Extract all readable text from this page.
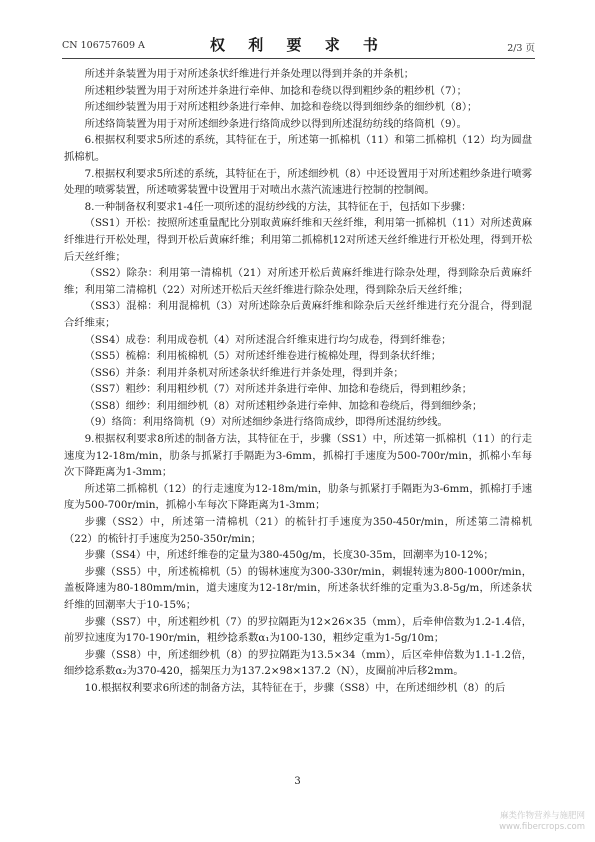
CN 106757609 A	权 利 要 求 书	2/3 页

所述并条装置为用于对所述条状纤维进行并条处理以得到并条的并条机；

所述粗纱装置为用于对所述并条进行牵伸、加捻和卷绕以得到粗纱条的粗纱机（7）；

所述细纱装置为用于对所述粗纱条进行牵伸、加捻和卷绕以得到细纱条的细纱机（8）；

所述络筒装置为用于对所述细纱条进行络筒成纱以得到所述混纺纺线的络筒机（9）。

6.根据权利要求5所述的系统，其特征在于，所述第一抓棉机（11）和第二抓棉机（12）均为圆盘抓棉机。

7.根据权利要求5所述的系统，其特征在于，所述细纱机（8）中还设置用于对所述粗纱条进行喷雾处理的喷雾装置，所述喷雾装置中设置用于对喷出水蒸汽流速进行控制的控制阀。

8.一种制备权利要求1-4任一项所述的混纺纱线的方法，其特征在于，包括如下步骤：

（SS1）开松：按照所述重量配比分别取黄麻纤维和天丝纤维，利用第一抓棉机（11）对所述黄麻纤维进行开松处理，得到开松后黄麻纤维；利用第二抓棉机12对所述天丝纤维进行开松处理，得到开松后天丝纤维；

（SS2）除杂：利用第一清棉机（21）对所述开松后黄麻纤维进行除杂处理，得到除杂后黄麻纤维；利用第二清棉机（22）对所述开松后天丝纤维进行除杂处理，得到除杂后天丝纤维；

（SS3）混棉：利用混棉机（3）对所述除杂后黄麻纤维和除杂后天丝纤维进行充分混合，得到混合纤维束；

（SS4）成卷：利用成卷机（4）对所述混合纤维束进行均匀成卷，得到纤维卷；

（SS5）梳棉：利用梳棉机（5）对所述纤维卷进行梳棉处理，得到条状纤维；

（SS6）并条：利用并条机对所述条状纤维进行并条处理，得到并条；

（SS7）粗纱：利用粗纱机（7）对所述并条进行牵伸、加捻和卷绕后，得到粗纱条；

（SS8）细纱：利用细纱机（8）对所述粗纱条进行牵伸、加捻和卷绕后，得到细纱条；

（9）络筒：利用络筒机（9）对所述细纱条进行络筒成纱，即得所述混纺纱线。

9.根据权利要求8所述的制备方法，其特征在于，步骤（SS1）中，所述第一抓棉机（11）的行走速度为12-18m/min，肋条与抓紧打手隔距为3-6mm，抓棉打手速度为500-700r/min，抓棉小车每次下降距离为1-3mm；

所述第二抓棉机（12）的行走速度为12-18m/min，肋条与抓紧打手隔距为3-6mm，抓棉打手速度为500-700r/min，抓棉小车每次下降距离为1-3mm；

步骤（SS2）中，所述第一清棉机（21）的梳针打手速度为350-450r/min，所述第二清棉机（22）的梳针打手速度为250-350r/min；

步骤（SS4）中，所述纤维卷的定量为380-450g/m，长度30-35m，回潮率为10-12%；

步骤（SS5）中，所述梳棉机（5）的锡林速度为300-330r/min，刺辊转速为800-1000r/min，盖板降速为80-180mm/min，道夫速度为12-18r/min，所述条状纤维的定重为3.8-5g/m，所述条状纤维的回潮率大于10-15%；

步骤（SS7）中，所述粗纱机（7）的罗拉隔距为12×26×35（mm），后牵伸倍数为1.2-1.4倍，前罗拉速度为170-190r/min，粗纱捻系数α₁为100-130，粗纱定重为1-5g/10m；

步骤（SS8）中，所述细纱机（8）的罗拉隔距为13.5×34（mm），后区牵伸倍数为1.1-1.2倍，细纱捻系数α₂为370-420，摇架压力为137.2×98×137.2（N），皮圈前冲后移2mm。

10.根据权利要求6所述的制备方法，其特征在于，步骤（SS8）中，在所述细纱机（8）的后

3
麻类作物营养与施肥网
www.fibercrops.com
